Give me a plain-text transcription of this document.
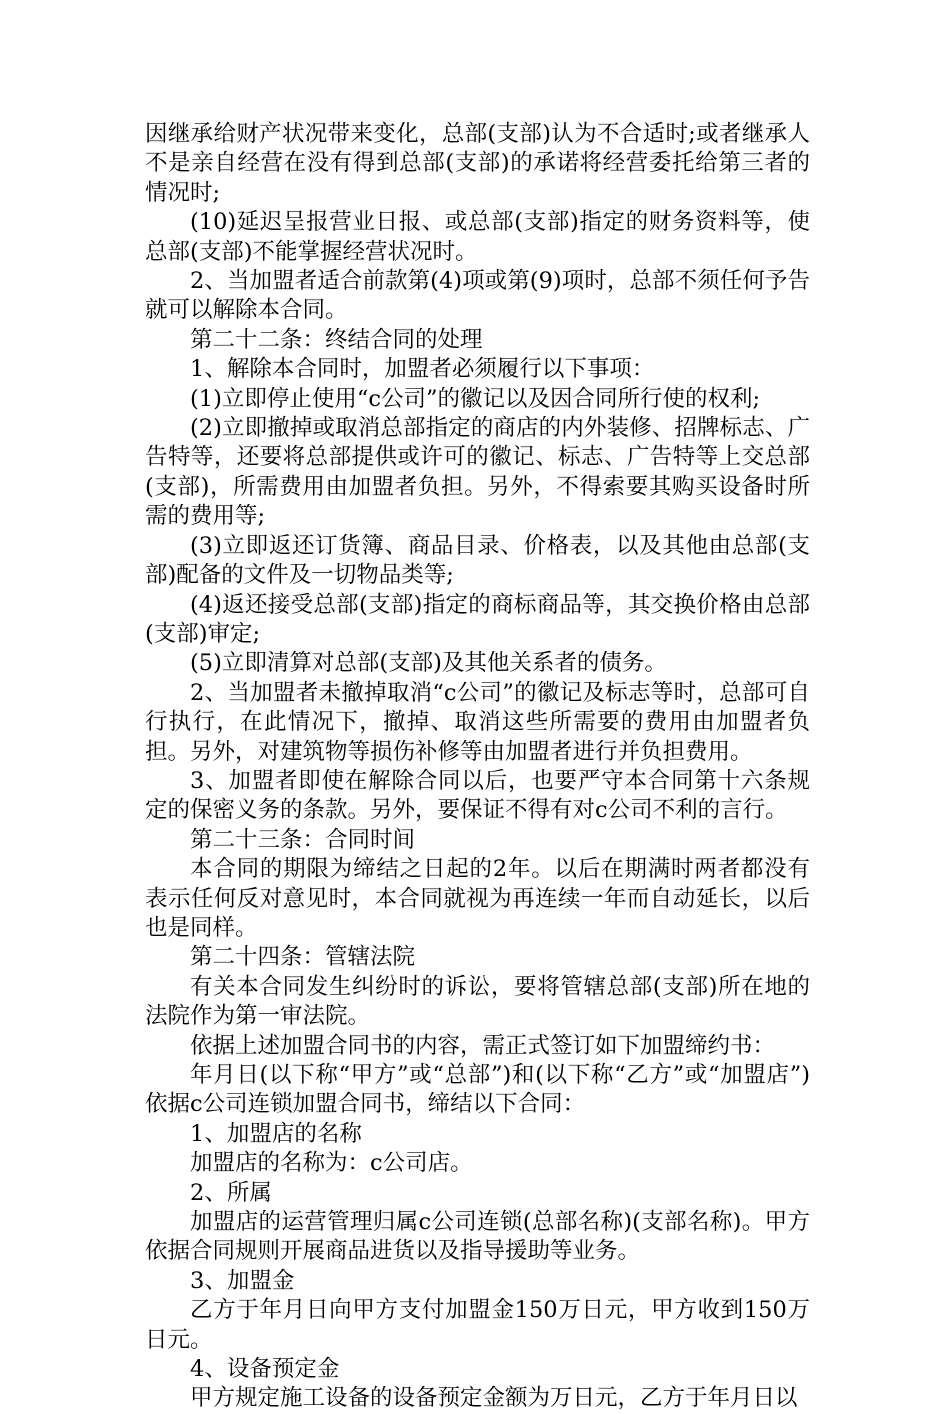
因继承给财产状况带来变化，总部(支部)认为不合适时;或者继承人不是亲自经营在没有得到总部(支部)的承诺将经营委托给第三者的情况时;

(10)延迟呈报营业日报、或总部(支部)指定的财务资料等，使总部(支部)不能掌握经营状况时。

2、当加盟者适合前款第(4)项或第(9)项时，总部不须任何予告就可以解除本合同。

第二十二条：终结合同的处理

1、解除本合同时，加盟者必须履行以下事项：

(1)立即停止使用“c公司”的徽记以及因合同所行使的权利;

(2)立即撤掉或取消总部指定的商店的内外装修、招牌标志、广告特等，还要将总部提供或许可的徽记、标志、广告特等上交总部(支部)，所需费用由加盟者负担。另外，不得索要其购买设备时所需的费用等;

(3)立即返还订货簿、商品目录、价格表，以及其他由总部(支部)配备的文件及一切物品类等;

(4)返还接受总部(支部)指定的商标商品等，其交换价格由总部(支部)审定;

(5)立即清算对总部(支部)及其他关系者的债务。

2、当加盟者未撤掉取消“c公司”的徽记及标志等时，总部可自行执行，在此情况下，撤掉、取消这些所需要的费用由加盟者负担。另外，对建筑物等损伤补修等由加盟者进行并负担费用。

3、加盟者即使在解除合同以后，也要严守本合同第十六条规定的保密义务的条款。另外，要保证不得有对c公司不利的言行。

第二十三条：合同时间

本合同的期限为缔结之日起的2年。以后在期满时两者都没有表示任何反对意见时，本合同就视为再连续一年而自动延长，以后也是同样。

第二十四条：管辖法院

有关本合同发生纠纷时的诉讼，要将管辖总部(支部)所在地的法院作为第一审法院。

依据上述加盟合同书的内容，需正式签订如下加盟缔约书：

年月日(以下称“甲方”或“总部”)和(以下称“乙方”或“加盟店”)依据c公司连锁加盟合同书，缔结以下合同：

1、加盟店的名称

加盟店的名称为：c公司店。

2、所属

加盟店的运营管理归属c公司连锁(总部名称)(支部名称)。甲方依据合同规则开展商品进货以及指导援助等业务。

3、加盟金

乙方于年月日向甲方支付加盟金150万日元，甲方收到150万日元。

4、设备预定金

甲方规定施工设备的设备预定金额为万日元，乙方于年月日以
